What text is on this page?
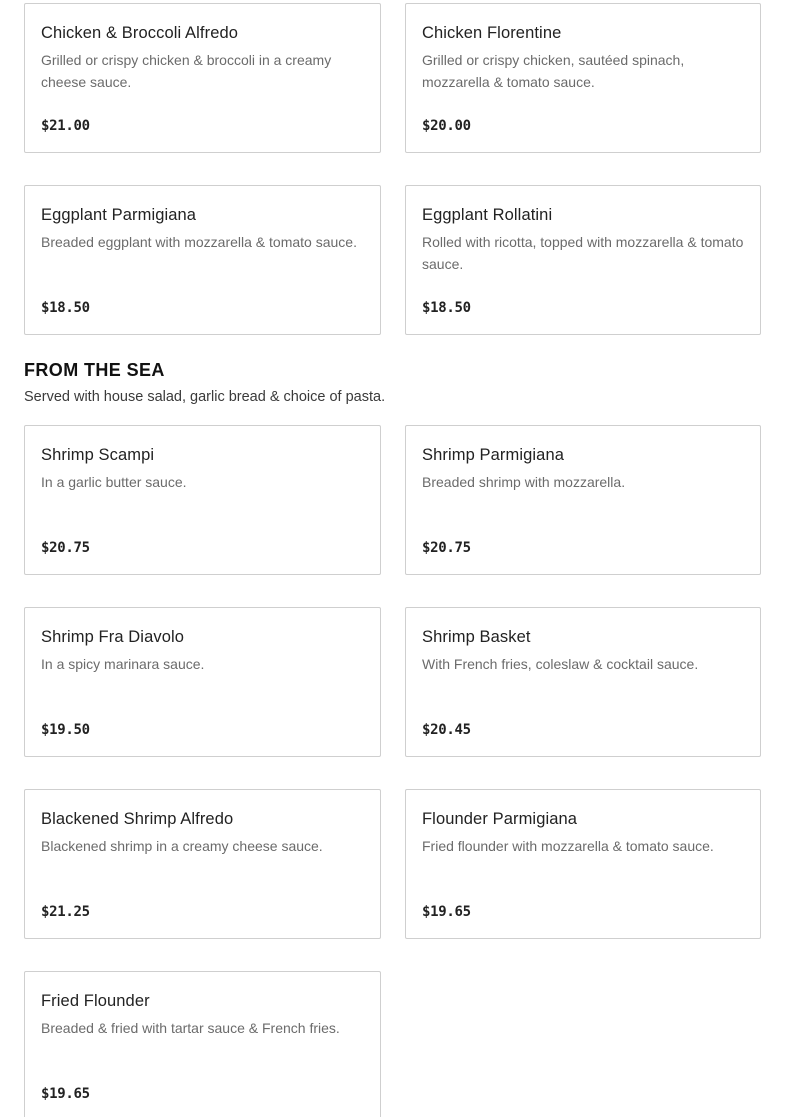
Chicken & Broccoli Alfredo
Grilled or crispy chicken & broccoli in a creamy cheese sauce.
$21.00
Chicken Florentine
Grilled or crispy chicken, sautéed spinach, mozzarella & tomato sauce.
$20.00
Eggplant Parmigiana
Breaded eggplant with mozzarella & tomato sauce.
$18.50
Eggplant Rollatini
Rolled with ricotta, topped with mozzarella & tomato sauce.
$18.50
FROM THE SEA
Served with house salad, garlic bread & choice of pasta.
Shrimp Scampi
In a garlic butter sauce.
$20.75
Shrimp Parmigiana
Breaded shrimp with mozzarella.
$20.75
Shrimp Fra Diavolo
In a spicy marinara sauce.
$19.50
Shrimp Basket
With French fries, coleslaw & cocktail sauce.
$20.45
Blackened Shrimp Alfredo
Blackened shrimp in a creamy cheese sauce.
$21.25
Flounder Parmigiana
Fried flounder with mozzarella & tomato sauce.
$19.65
Fried Flounder
Breaded & fried with tartar sauce & French fries.
$19.65
